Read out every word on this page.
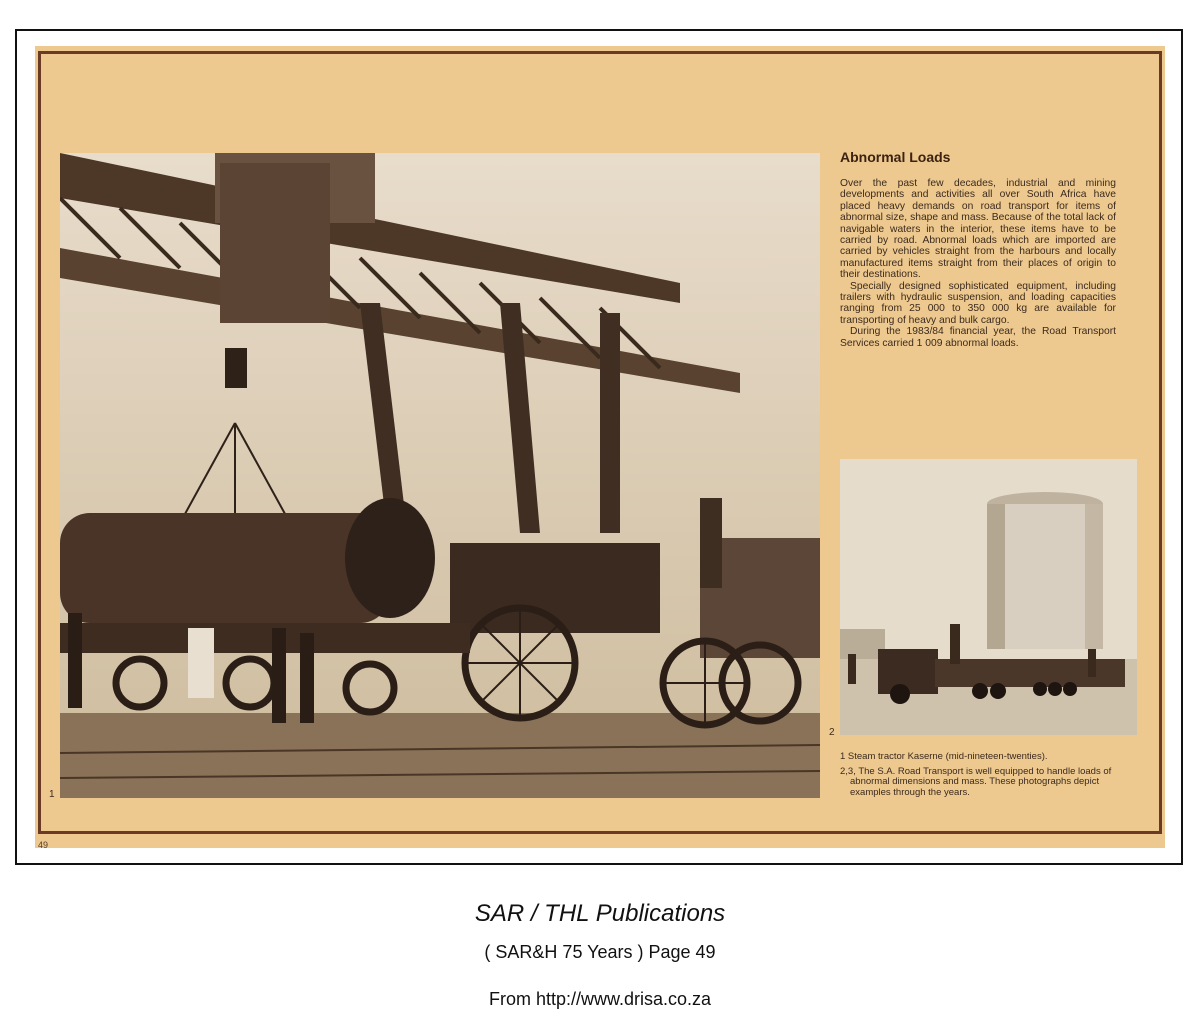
1
Abnormal Loads

Over the past few decades, industrial and mining developments and activities all over South Africa have placed heavy demands on road transport for items of abnormal size, shape and mass. Because of the total lack of navigable waters in the interior, these items have to be carried by road. Abnormal loads which are imported are carried by vehicles straight from the harbours and locally manufactured items straight from their places of origin to their destinations.

Specially designed sophisticated equipment, including trailers with hydraulic suspension, and loading capacities ranging from 25 000 to 350 000 kg are available for transporting of heavy and bulk cargo.

During the 1983/84 financial year, the Road Transport Services carried 1 009 abnormal loads.

2

1 Steam tractor Kaserne (mid-nineteen-twenties).

2,3, The S.A. Road Transport is well equipped to handle loads of abnormal dimensions and mass. These photographs depict examples through the years.

49
SAR / THL Publications
( SAR&H 75 Years ) Page 49
From http://www.drisa.co.za
